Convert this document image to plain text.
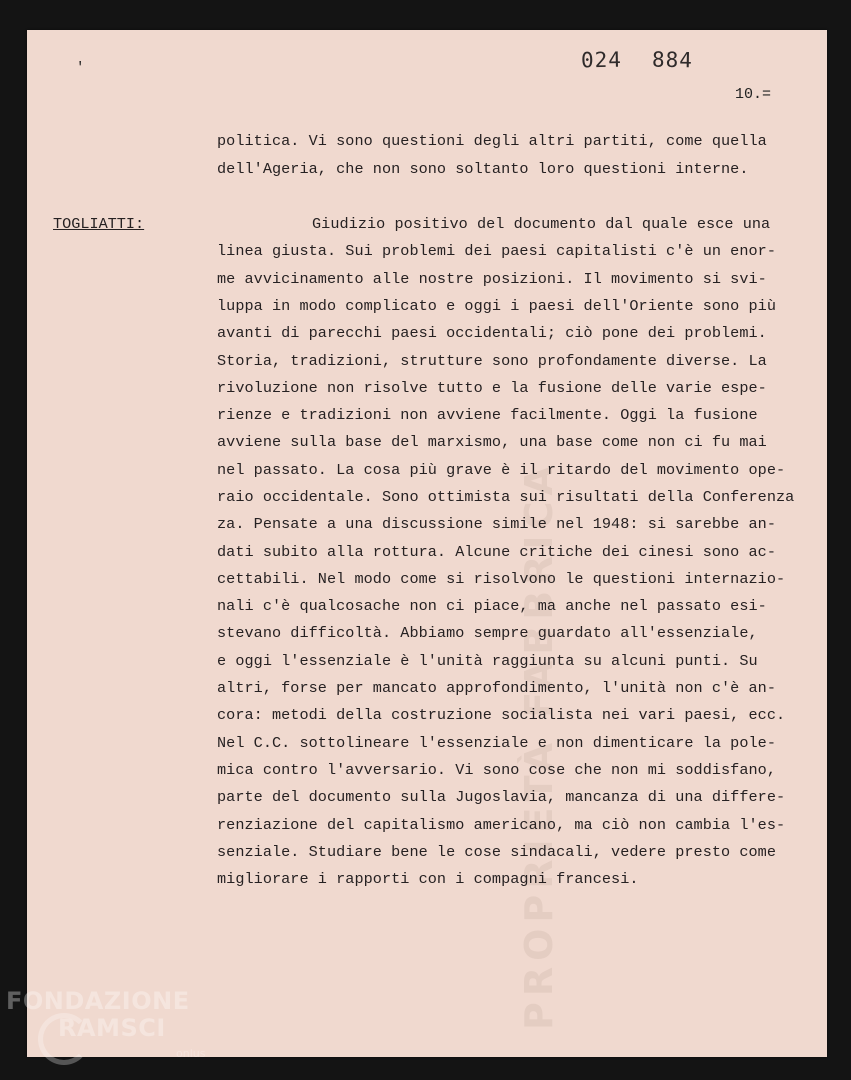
PROPRIETÀ FABBRICA
'	024 884
10.=
TOGLIATTI:
politica. Vi sono questioni degli altri partiti, come quella
dell'Ageria, che non sono soltanto loro questioni interne.
Giudizio positivo del documento dal quale esce una
linea giusta. Sui problemi dei paesi capitalisti c'è un enor-
me avvicinamento alle nostre posizioni. Il movimento si svi-
luppa in modo complicato e oggi i paesi dell'Oriente sono più
avanti di parecchi paesi occidentali; ciò pone dei problemi.
Storia, tradizioni, strutture sono profondamente diverse. La
rivoluzione non risolve tutto e la fusione delle varie espe-
rienze e tradizioni non avviene facilmente. Oggi la fusione
avviene sulla base del marxismo, una base come non ci fu mai
nel passato. La cosa più grave è il ritardo del movimento ope-
raio occidentale. Sono ottimista sui risultati della Conferenza
za. Pensate a una discussione simile nel 1948: si sarebbe an-
dati subito alla rottura. Alcune critiche dei cinesi sono ac-
cettabili. Nel modo come si risolvono le questioni internazio-
nali c'è qualcosache non ci piace, ma anche nel passato esi-
stevano difficoltà. Abbiamo sempre guardato all'essenziale,
e oggi l'essenziale è l'unità raggiunta su alcuni punti. Su
altri, forse per mancato approfondimento, l'unità non c'è an-
cora: metodi della costruzione socialista nei vari paesi, ecc.
Nel C.C. sottolineare l'essenziale e non dimenticare la pole-
mica contro l'avversario. Vi sono cose che non mi soddisfano,
parte del documento sulla Jugoslavia, mancanza di una differe-
renziazione del capitalismo americano, ma ciò non cambia l'es-
senziale. Studiare bene le cose sindacali, vedere presto come
migliorare i rapporti con i compagni francesi.
FONDAZIONE
RAMSCI
onlus
